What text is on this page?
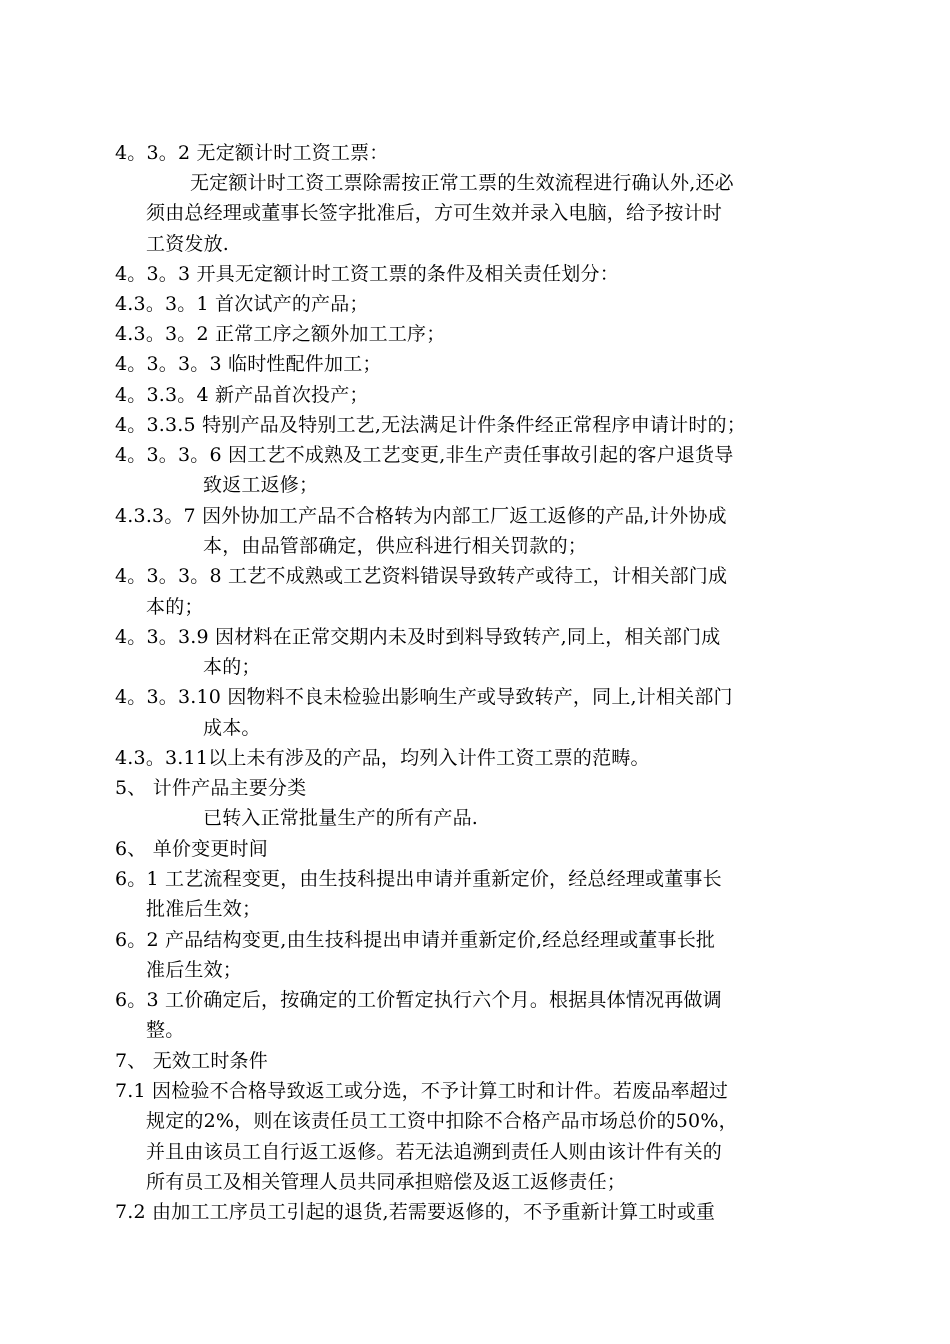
4。3。2 无定额计时工资工票：
无定额计时工资工票除需按正常工票的生效流程进行确认外,还必
须由总经理或董事长签字批准后，方可生效并录入电脑，给予按计时
工资发放.
4。3。3 开具无定额计时工资工票的条件及相关责任划分：
4.3。3。1 首次试产的产品；
4.3。3。2 正常工序之额外加工工序；
4。3。3。3 临时性配件加工；
4。3.3。4 新产品首次投产；
4。3.3.5 特别产品及特别工艺,无法满足计件条件经正常程序申请计时的；
4。3。3。6 因工艺不成熟及工艺变更,非生产责任事故引起的客户退货导
致返工返修；
4.3.3。7 因外协加工产品不合格转为内部工厂返工返修的产品,计外协成
本，由品管部确定，供应科进行相关罚款的；
4。3。3。8 工艺不成熟或工艺资料错误导致转产或待工，计相关部门成
本的；
4。3。3.9 因材料在正常交期内未及时到料导致转产,同上，相关部门成
本的；
4。3。3.10 因物料不良未检验出影响生产或导致转产，同上,计相关部门
成本。
4.3。3.11以上未有涉及的产品，均列入计件工资工票的范畴。
5、 计件产品主要分类
已转入正常批量生产的所有产品.
6、 单价变更时间
6。1 工艺流程变更，由生技科提出申请并重新定价，经总经理或董事长
批准后生效；
6。2 产品结构变更,由生技科提出申请并重新定价,经总经理或董事长批
准后生效；
6。3 工价确定后，按确定的工价暂定执行六个月。根据具体情况再做调
整。
7、 无效工时条件
7.1 因检验不合格导致返工或分选，不予计算工时和计件。若废品率超过
规定的2%，则在该责任员工工资中扣除不合格产品市场总价的50%，
并且由该员工自行返工返修。若无法追溯到责任人则由该计件有关的
所有员工及相关管理人员共同承担赔偿及返工返修责任；
7.2 由加工工序员工引起的退货,若需要返修的，不予重新计算工时或重
